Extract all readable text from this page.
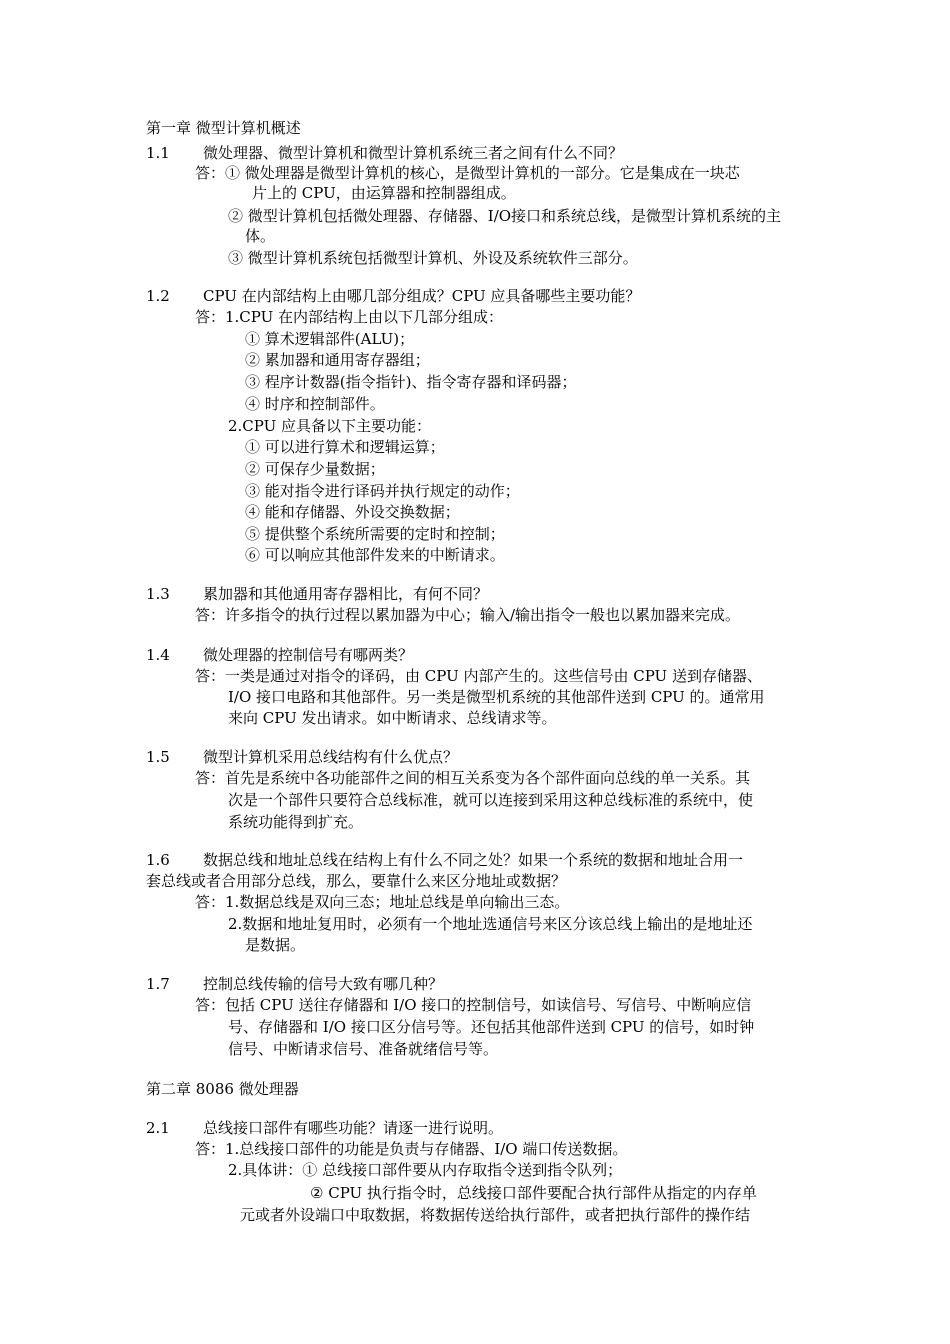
第一章 微型计算机概述
1.1 微处理器、微型计算机和微型计算机系统三者之间有什么不同？
答：① 微处理器是微型计算机的核心，是微型计算机的一部分。它是集成在一块芯
片上的 CPU，由运算器和控制器组成。
② 微型计算机包括微处理器、存储器、I/O接口和系统总线，是微型计算机系统的主
体。
③ 微型计算机系统包括微型计算机、外设及系统软件三部分。
1.2 CPU 在内部结构上由哪几部分组成？CPU 应具备哪些主要功能？
答：1.CPU 在内部结构上由以下几部分组成：
① 算术逻辑部件(ALU)；
② 累加器和通用寄存器组；
③ 程序计数器(指令指针)、指令寄存器和译码器；
④ 时序和控制部件。
2.CPU 应具备以下主要功能：
① 可以进行算术和逻辑运算；
② 可保存少量数据；
③ 能对指令进行译码并执行规定的动作；
④ 能和存储器、外设交换数据；
⑤ 提供整个系统所需要的定时和控制；
⑥ 可以响应其他部件发来的中断请求。
1.3 累加器和其他通用寄存器相比，有何不同？
答：许多指令的执行过程以累加器为中心；输入/输出指令一般也以累加器来完成。
1.4 微处理器的控制信号有哪两类？
答：一类是通过对指令的译码，由 CPU 内部产生的。这些信号由 CPU 送到存储器、
I/O 接口电路和其他部件。另一类是微型机系统的其他部件送到 CPU 的。通常用
来向 CPU 发出请求。如中断请求、总线请求等。
1.5 微型计算机采用总线结构有什么优点？
答：首先是系统中各功能部件之间的相互关系变为各个部件面向总线的单一关系。其
次是一个部件只要符合总线标准，就可以连接到采用这种总线标准的系统中，使
系统功能得到扩充。
1.6 数据总线和地址总线在结构上有什么不同之处？如果一个系统的数据和地址合用一
套总线或者合用部分总线，那么，要靠什么来区分地址或数据？
答：1.数据总线是双向三态；地址总线是单向输出三态。
2.数据和地址复用时，必须有一个地址选通信号来区分该总线上输出的是地址还
是数据。
1.7 控制总线传输的信号大致有哪几种？
答：包括 CPU 送往存储器和 I/O 接口的控制信号，如读信号、写信号、中断响应信
号、存储器和 I/O 接口区分信号等。还包括其他部件送到 CPU 的信号，如时钟
信号、中断请求信号、准备就绪信号等。
第二章 8086 微处理器
2.1 总线接口部件有哪些功能？请逐一进行说明。
答：1.总线接口部件的功能是负责与存储器、I/O 端口传送数据。
2.具体讲：① 总线接口部件要从内存取指令送到指令队列；
② CPU 执行指令时，总线接口部件要配合执行部件从指定的内存单
元或者外设端口中取数据，将数据传送给执行部件，或者把执行部件的操作结
